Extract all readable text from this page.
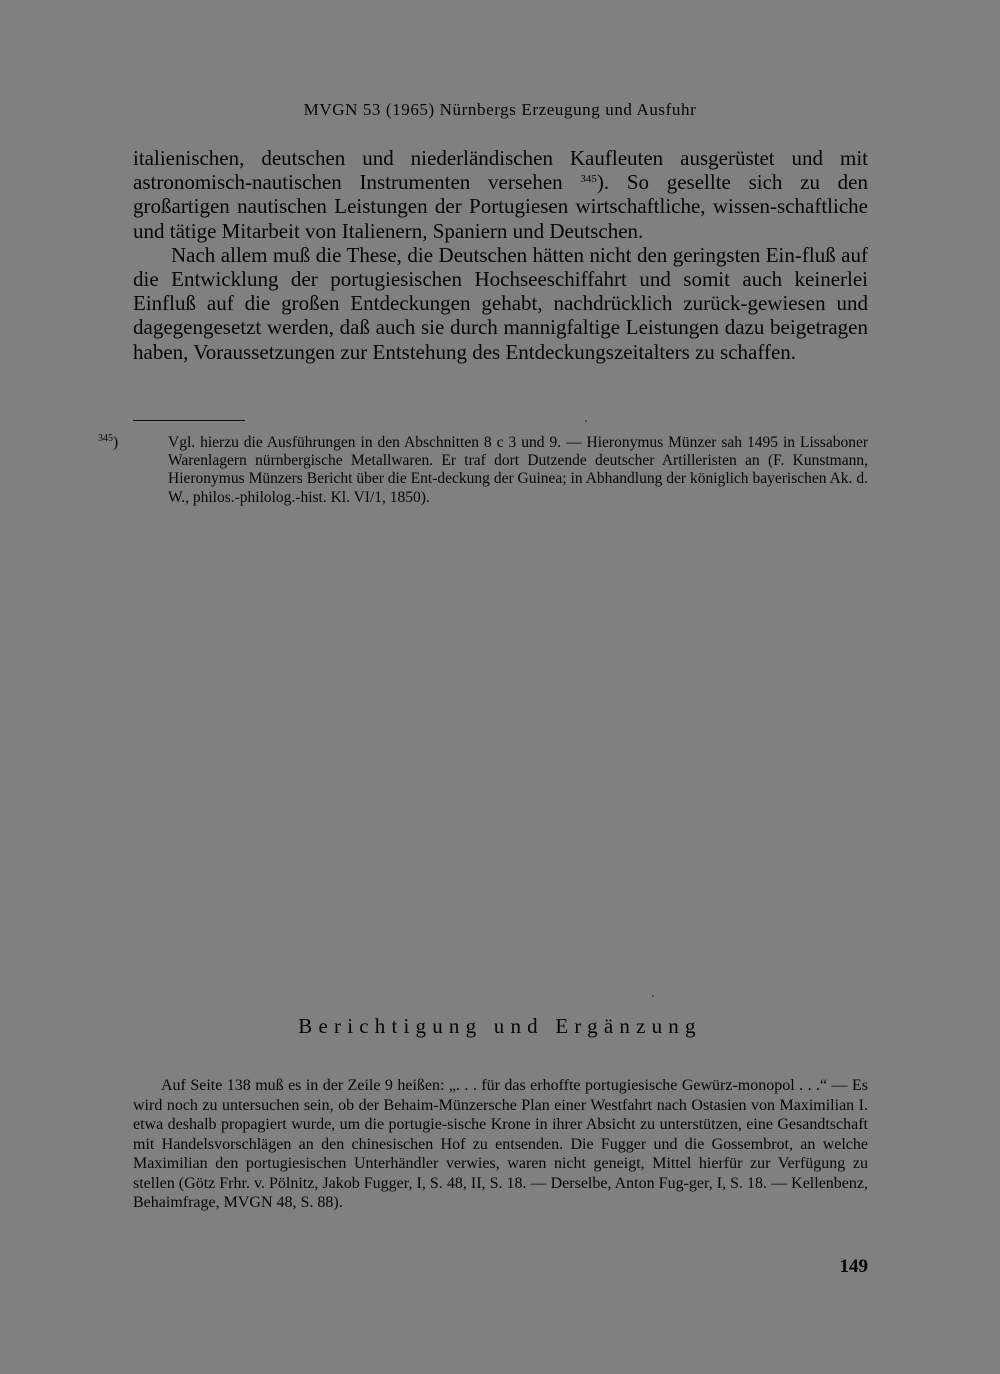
MVGN 53 (1965) Nürnbergs Erzeugung und Ausfuhr

italienischen, deutschen und niederländischen Kaufleuten ausgerüstet und mit astronomisch-nautischen Instrumenten versehen $^{345}$). So gesellte sich zu den großartigen nautischen Leistungen der Portugiesen wirtschaftliche, wissen-schaftliche und tätige Mitarbeit von Italienern, Spaniern und Deutschen.

Nach allem muß die These, die Deutschen hätten nicht den geringsten Ein-fluß auf die Entwicklung der portugiesischen Hochseeschiffahrt und somit auch keinerlei Einfluß auf die großen Entdeckungen gehabt, nachdrücklich zurück-gewiesen und dagegengesetzt werden, daß auch sie durch mannigfaltige Leistungen dazu beigetragen haben, Voraussetzungen zur Entstehung des Entdeckungszeitalters zu schaffen.

$^{345}$)	Vgl. hierzu die Ausführungen in den Abschnitten 8 c 3 und 9. — Hieronymus Münzer sah 1495 in Lissaboner Warenlagern nürnbergische Metallwaren. Er traf dort Dutzende deutscher Artilleristen an (F. Kunstmann, Hieronymus Münzers Bericht über die Ent-deckung der Guinea; in Abhandlung der königlich bayerischen Ak. d. W., philos.-philolog.-hist. Kl. VI/1, 1850).
Berichtigung und Ergänzung

Auf Seite 138 muß es in der Zeile 9 heißen: „. . . für das erhoffte portugiesische Gewürz-monopol . . .“ — Es wird noch zu untersuchen sein, ob der Behaim-Münzersche Plan einer Westfahrt nach Ostasien von Maximilian I. etwa deshalb propagiert wurde, um die portugie-sische Krone in ihrer Absicht zu unterstützen, eine Gesandtschaft mit Handelsvorschlägen an den chinesischen Hof zu entsenden. Die Fugger und die Gossembrot, an welche Maximilian den portugiesischen Unterhändler verwies, waren nicht geneigt, Mittel hierfür zur Verfügung zu stellen (Götz Frhr. v. Pölnitz, Jakob Fugger, I, S. 48, II, S. 18. — Derselbe, Anton Fug-ger, I, S. 18. — Kellenbenz, Behaimfrage, MVGN 48, S. 88).

149
